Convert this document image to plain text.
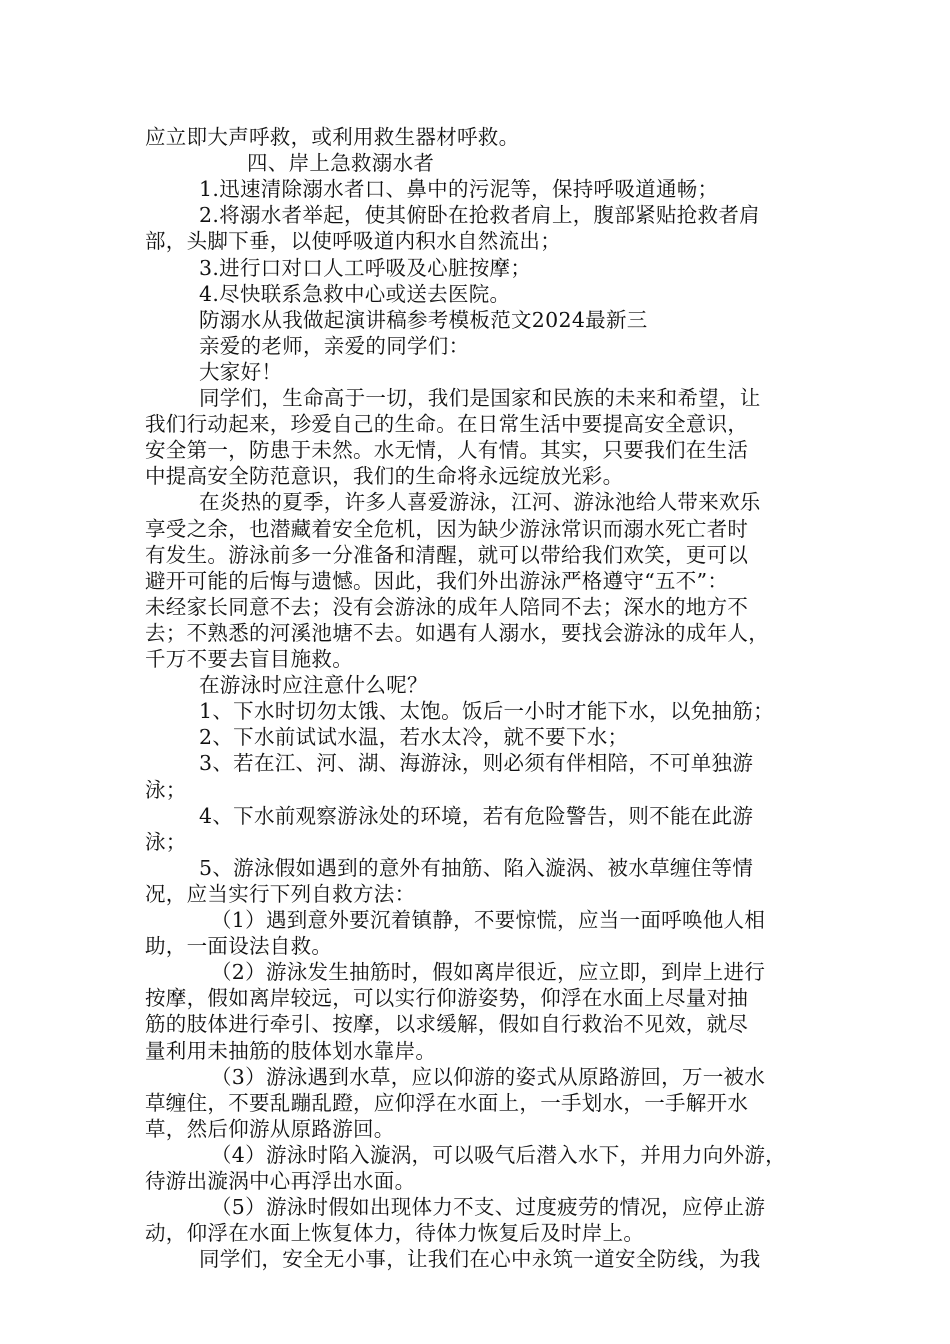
应立即大声呼救，或利用救生器材呼救。
四、岸上急救溺水者
1.迅速清除溺水者口、鼻中的污泥等，保持呼吸道通畅；
2.将溺水者举起，使其俯卧在抢救者肩上，腹部紧贴抢救者肩
部，头脚下垂，以使呼吸道内积水自然流出；
3.进行口对口人工呼吸及心脏按摩；
4.尽快联系急救中心或送去医院。
防溺水从我做起演讲稿参考模板范文2024最新三
亲爱的老师，亲爱的同学们：
大家好！
同学们，生命高于一切，我们是国家和民族的未来和希望，让
我们行动起来，珍爱自己的生命。在日常生活中要提高安全意识，
安全第一，防患于未然。水无情，人有情。其实，只要我们在生活
中提高安全防范意识，我们的生命将永远绽放光彩。
在炎热的夏季，许多人喜爱游泳，江河、游泳池给人带来欢乐
享受之余，也潜藏着安全危机，因为缺少游泳常识而溺水死亡者时
有发生。游泳前多一分准备和清醒，就可以带给我们欢笑，更可以
避开可能的后悔与遗憾。因此，我们外出游泳严格遵守“五不”：
未经家长同意不去；没有会游泳的成年人陪同不去；深水的地方不
去；不熟悉的河溪池塘不去。如遇有人溺水，要找会游泳的成年人，
千万不要去盲目施救。
在游泳时应注意什么呢？
1、下水时切勿太饿、太饱。饭后一小时才能下水，以免抽筋；
2、下水前试试水温，若水太冷，就不要下水；
3、若在江、河、湖、海游泳，则必须有伴相陪，不可单独游
泳；
4、下水前观察游泳处的环境，若有危险警告，则不能在此游
泳；
5、游泳假如遇到的意外有抽筋、陷入漩涡、被水草缠住等情
况，应当实行下列自救方法：
（1）遇到意外要沉着镇静，不要惊慌，应当一面呼唤他人相
助，一面设法自救。
（2）游泳发生抽筋时，假如离岸很近，应立即，到岸上进行
按摩，假如离岸较远，可以实行仰游姿势，仰浮在水面上尽量对抽
筋的肢体进行牵引、按摩，以求缓解，假如自行救治不见效，就尽
量利用未抽筋的肢体划水靠岸。
（3）游泳遇到水草，应以仰游的姿式从原路游回，万一被水
草缠住，不要乱蹦乱蹬，应仰浮在水面上，一手划水，一手解开水
草，然后仰游从原路游回。
（4）游泳时陷入漩涡，可以吸气后潜入水下，并用力向外游，
待游出漩涡中心再浮出水面。
（5）游泳时假如出现体力不支、过度疲劳的情况，应停止游
动，仰浮在水面上恢复体力，待体力恢复后及时岸上。
同学们，安全无小事，让我们在心中永筑一道安全防线，为我
